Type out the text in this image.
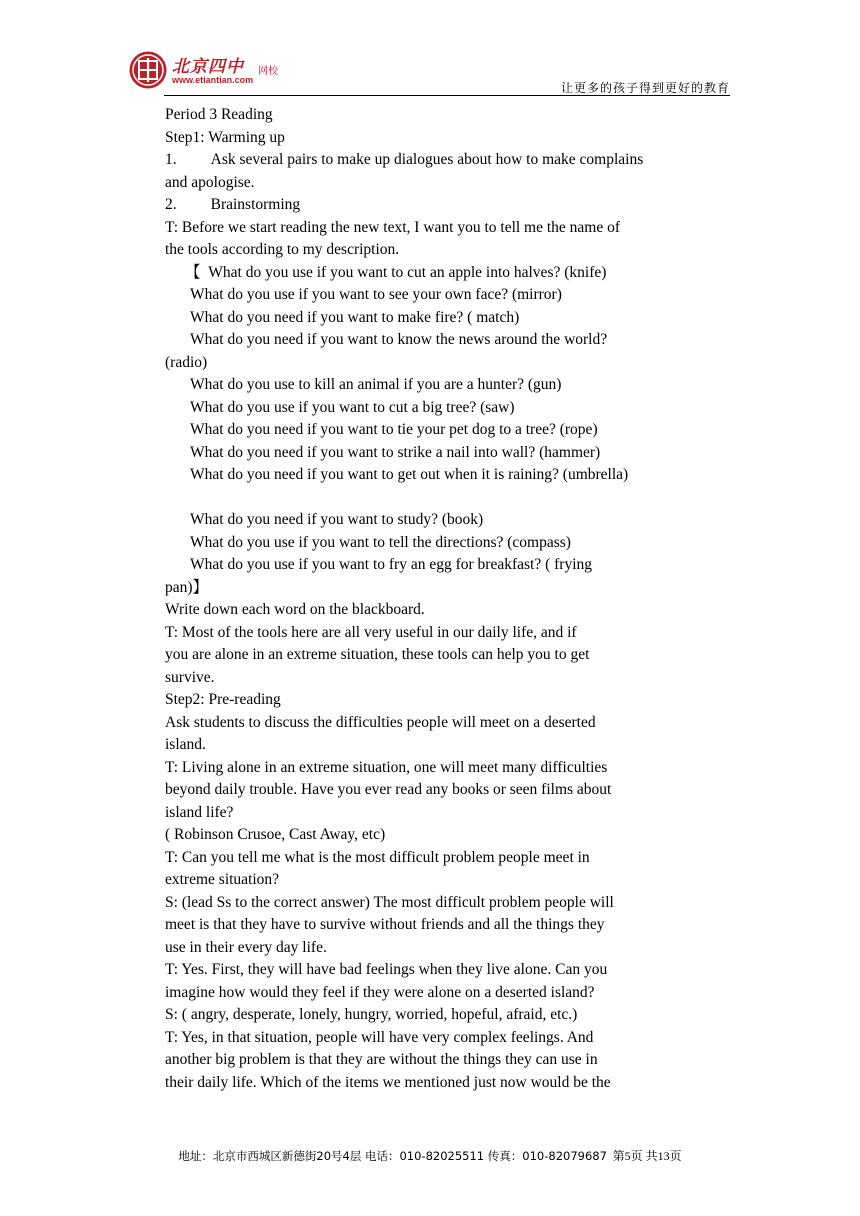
北京四中 网校
www.etiantian.com
让更多的孩子得到更好的教育
Period 3 Reading
Step1: Warming up
1. Ask several pairs to make up dialogues about how to make complains
and apologise.
2. Brainstorming
T: Before we start reading the new text, I want you to tell me the name of
the tools according to my description.
【  What do you use if you want to cut an apple into halves? (knife)
What do you use if you want to see your own face? (mirror)
What do you need if you want to make fire? ( match)
What do you need if you want to know the news around the world?
(radio)
What do you use to kill an animal if you are a hunter? (gun)
What do you use if you want to cut a big tree? (saw)
What do you need if you want to tie your pet dog to a tree? (rope)
What do you need if you want to strike a nail into wall? (hammer)
What do you need if you want to get out when it is raining? (umbrella)
What do you need if you want to study? (book)
What do you use if you want to tell the directions? (compass)
What do you use if you want to fry an egg for breakfast? ( frying
pan)】
Write down each word on the blackboard.
T: Most of the tools here are all very useful in our daily life, and if
you are alone in an extreme situation, these tools can help you to get
survive.
Step2: Pre-reading
Ask students to discuss the difficulties people will meet on a deserted
island.
T: Living alone in an extreme situation, one will meet many difficulties
beyond daily trouble. Have you ever read any books or seen films about
island life?
( Robinson Crusoe, Cast Away, etc)
T: Can you tell me what is the most difficult problem people meet in
extreme situation?
S: (lead Ss to the correct answer) The most difficult problem people will
meet is that they have to survive without friends and all the things they
use in their every day life.
T: Yes. First, they will have bad feelings when they live alone. Can you
imagine how would they feel if they were alone on a deserted island?
S: ( angry, desperate, lonely, hungry, worried, hopeful, afraid, etc.)
T: Yes, in that situation, people will have very complex feelings. And
another big problem is that they are without the things they can use in
their daily life. Which of the items we mentioned just now would be the
地址：北京市西城区新德街20号4层 电话：010-82025511 传真：010-82079687 第5页 共13页
